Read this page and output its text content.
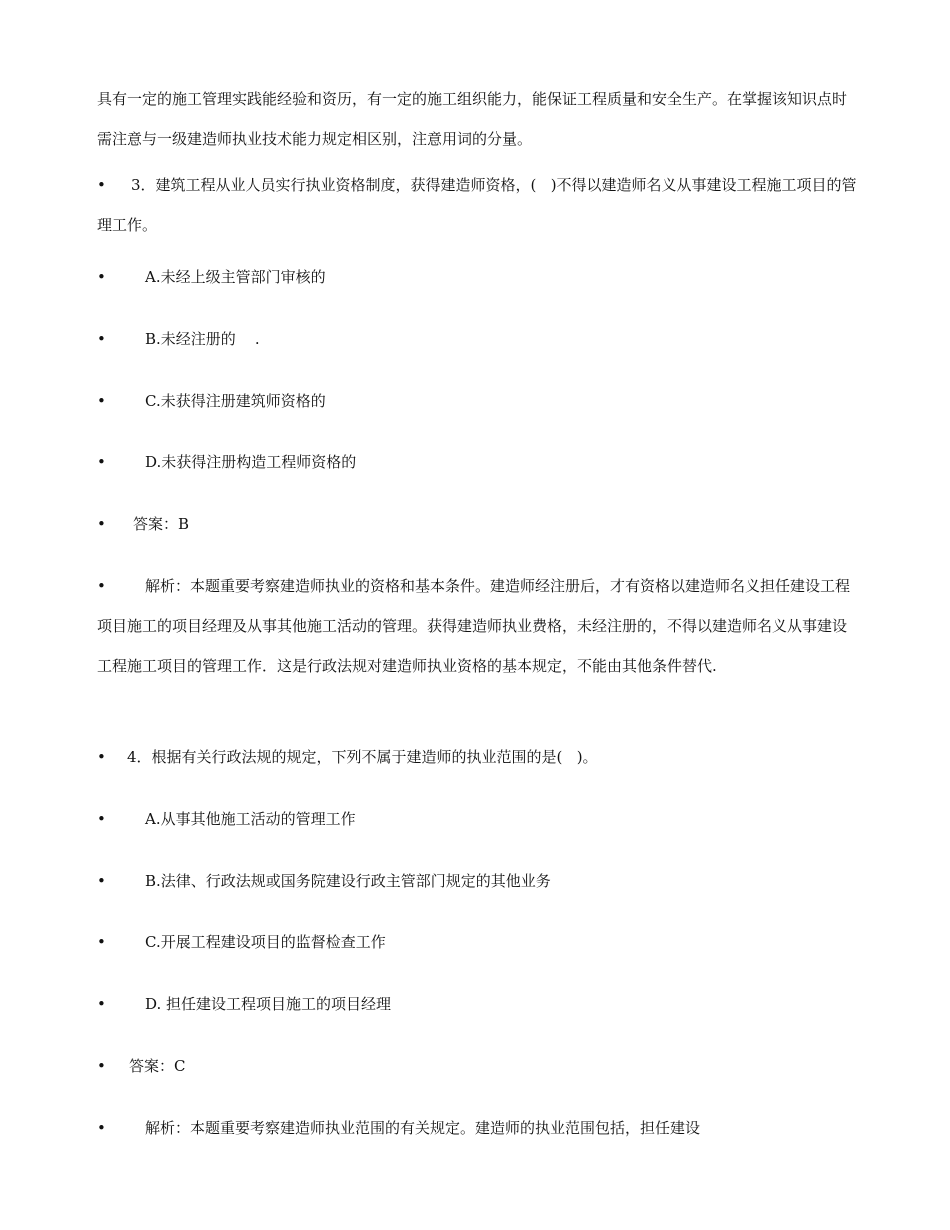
具有一定的施工管理实践能经验和资历，有一定的施工组织能力，能保证工程质量和安全生产。在掌握该知识点时需注意与一级建造师执业技术能力规定相区别，注意用词的分量。
•	3．建筑工程从业人员实行执业资格制度，获得建造师资格，(   )不得以建造师名义从事建设工程施工项目的管理工作。
•	A.未经上级主管部门审核的
•	B.未经注册的    .
•	C.未获得注册建筑师资格的
•	D.未获得注册构造工程师资格的
•	答案：B
•	解析：本题重要考察建造师执业的资格和基本条件。建造师经注册后，才有资格以建造师名义担任建设工程项目施工的项目经理及从事其他施工活动的管理。获得建造师执业费格，未经注册的，不得以建造师名义从事建设工程施工项目的管理工作．这是行政法规对建造师执业资格的基本规定，不能由其他条件替代.
•	4．根据有关行政法规的规定，下列不属于建造师的执业范围的是(   )。
•	A.从事其他施工活动的管理工作
•	B.法律、行政法规或国务院建设行政主管部门规定的其他业务
•	C.开展工程建设项目的监督检查工作
•	D. 担任建设工程项目施工的项目经理
•	答案：C
•	解析：本题重要考察建造师执业范围的有关规定。建造师的执业范围包括，担任建设
